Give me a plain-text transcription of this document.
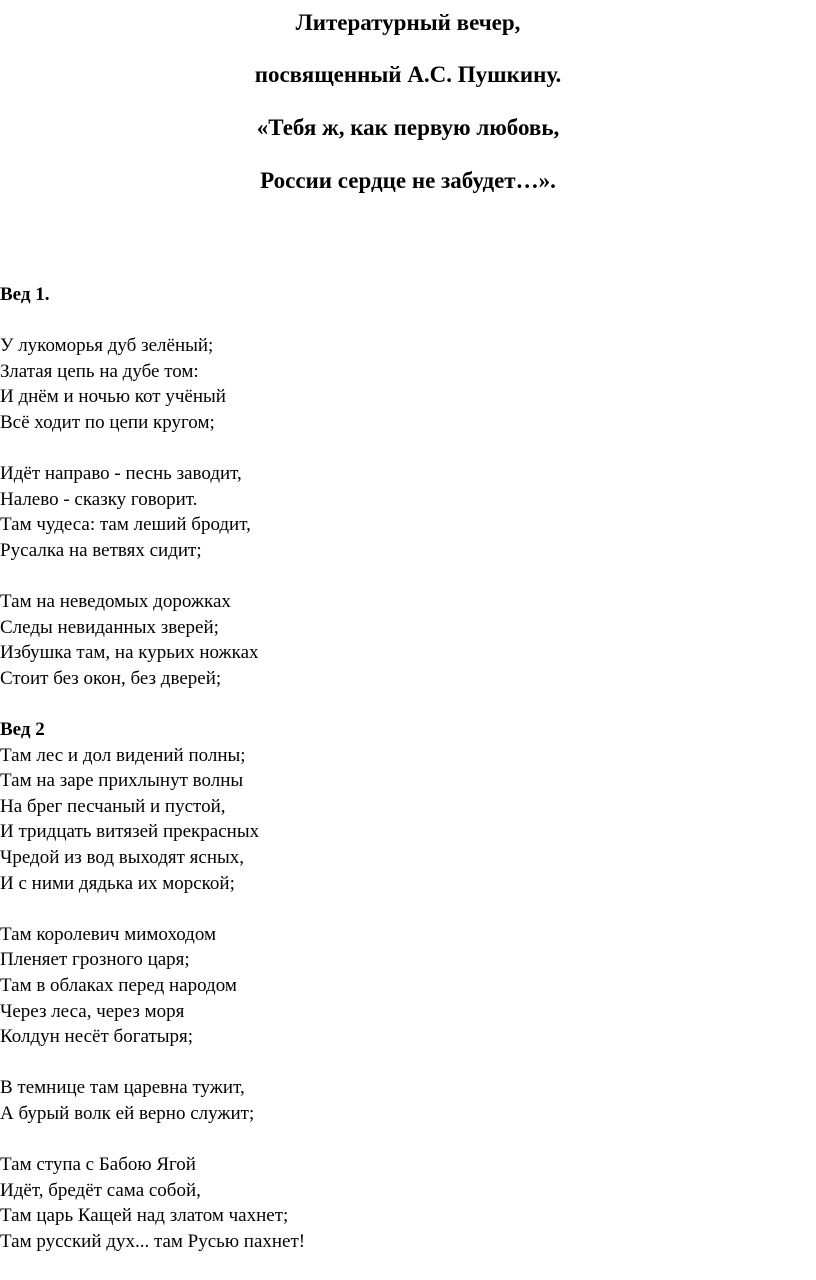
Литературный вечер,
посвященный А.С. Пушкину.
«Тебя ж, как первую любовь,
России сердце не забудет…».
Вед 1.
У лукоморья дуб зелёный;
Златая цепь на дубе том:
И днём и ночью кот учёный
Всё ходит по цепи кругом;
Идёт направо - песнь заводит,
Налево - сказку говорит.
Там чудеса: там леший бродит,
Русалка на ветвях сидит;
Там на неведомых дорожках
Следы невиданных зверей;
Избушка там, на курьих ножках
Стоит без окон, без дверей;
Вед 2
Там лес и дол видений полны;
Там на заре прихлынут волны
На брег песчаный и пустой,
И тридцать витязей прекрасных
Чредой из вод выходят ясных,
И с ними дядька их морской;
Там королевич мимоходом
Пленяет грозного царя;
Там в облаках перед народом
Через леса, через моря
Колдун несёт богатыря;
В темнице там царевна тужит,
А бурый волк ей верно служит;
Там ступа с Бабою Ягой
Идёт, бредёт сама собой,
Там царь Кащей над златом чахнет;
Там русский дух... там Русью пахнет!
